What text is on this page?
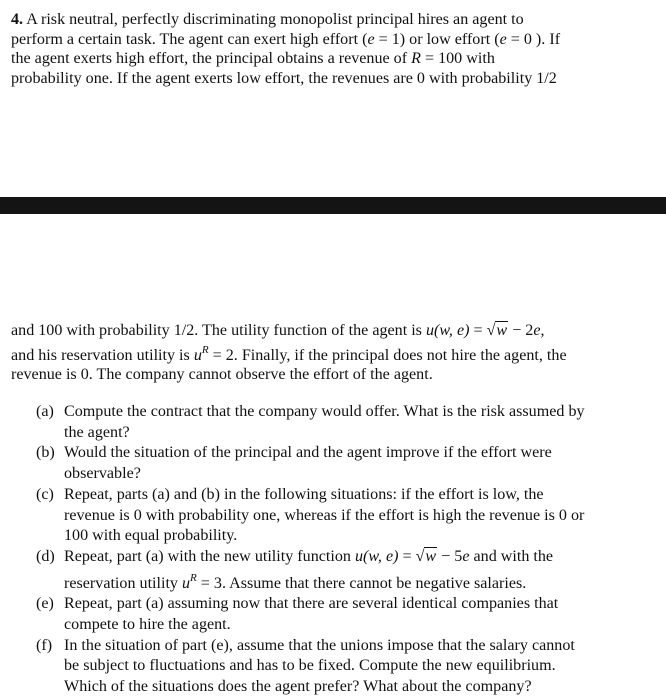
4. A risk neutral, perfectly discriminating monopolist principal hires an agent to
perform a certain task. The agent can exert high effort (e = 1) or low effort (e = 0 ). If
the agent exerts high effort, the principal obtains a revenue of R = 100 with
probability one. If the agent exerts low effort, the revenues are 0 with probability 1/2
and 100 with probability 1/2. The utility function of the agent is u(w, e) = √w − 2e,
and his reservation utility is $u^R = 2$. Finally, if the principal does not hire the agent, the
revenue is 0. The company cannot observe the effort of the agent.
(a) Compute the contract that the company would offer. What is the risk assumed by
the agent?
(b) Would the situation of the principal and the agent improve if the effort were
observable?
(c) Repeat, parts (a) and (b) in the following situations: if the effort is low, the
revenue is 0 with probability one, whereas if the effort is high the revenue is 0 or
100 with equal probability.
(d) Repeat, part (a) with the new utility function u(w, e) = √w − 5e and with the
reservation utility $u^R = 3$. Assume that there cannot be negative salaries.
(e) Repeat, part (a) assuming now that there are several identical companies that
compete to hire the agent.
(f) In the situation of part (e), assume that the unions impose that the salary cannot
be subject to fluctuations and has to be fixed. Compute the new equilibrium.
Which of the situations does the agent prefer? What about the company?
